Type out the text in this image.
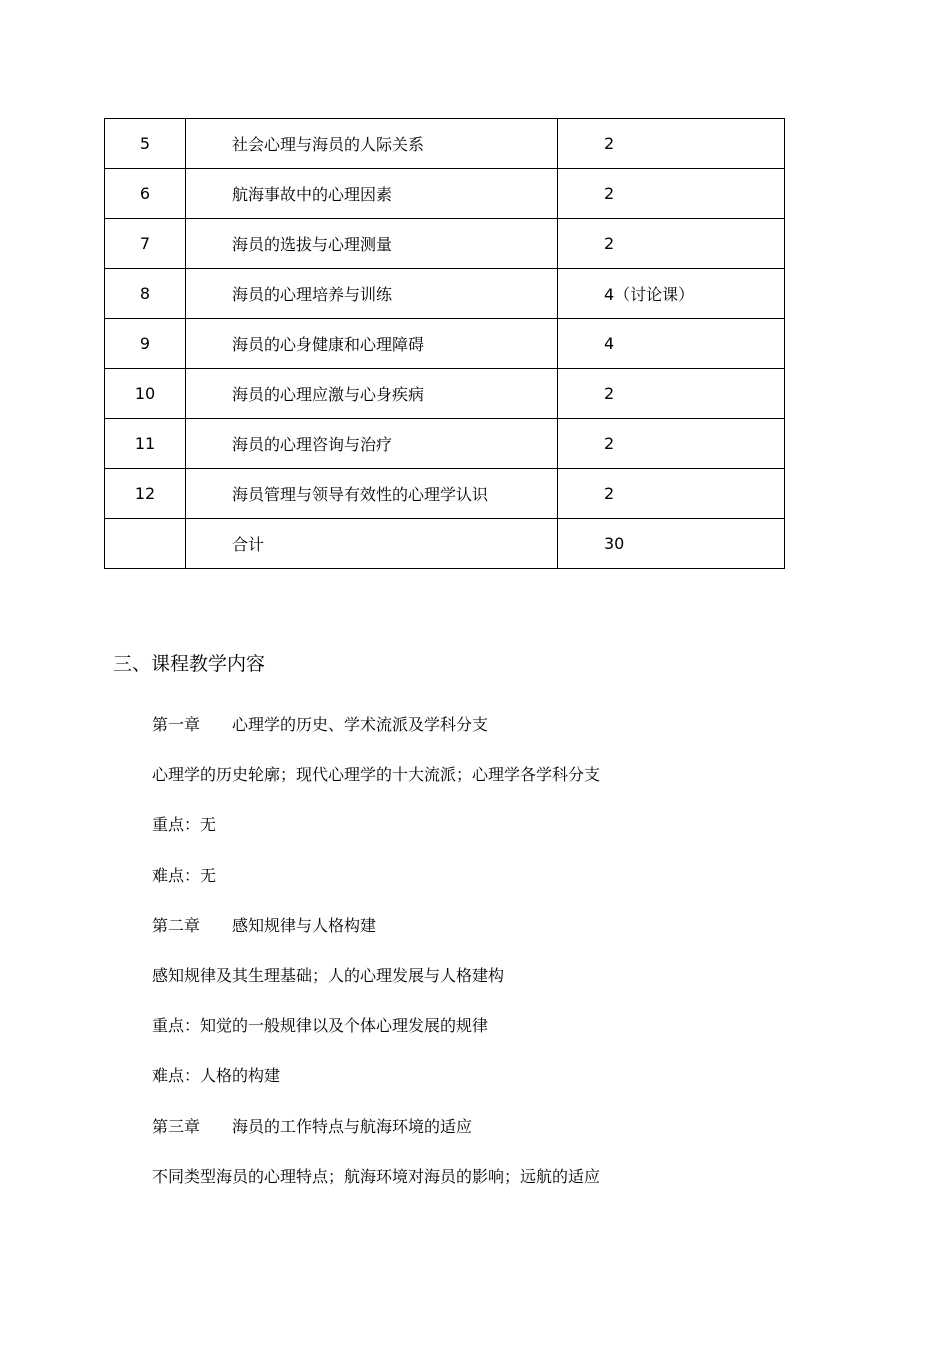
5	社会心理与海员的人际关系	2
6	航海事故中的心理因素	2
7	海员的选拔与心理测量	2
8	海员的心理培养与训练	4（讨论课）
9	海员的心身健康和心理障碍	4
10	海员的心理应激与心身疾病	2
11	海员的心理咨询与治疗	2
12	海员管理与领导有效性的心理学认识	2
	合计	30
三、课程教学内容
第一章 心理学的历史、学术流派及学科分支
心理学的历史轮廓；现代心理学的十大流派；心理学各学科分支
重点：无
难点：无
第二章 感知规律与人格构建
感知规律及其生理基础；人的心理发展与人格建构
重点：知觉的一般规律以及个体心理发展的规律
难点：人格的构建
第三章 海员的工作特点与航海环境的适应
不同类型海员的心理特点；航海环境对海员的影响；远航的适应
